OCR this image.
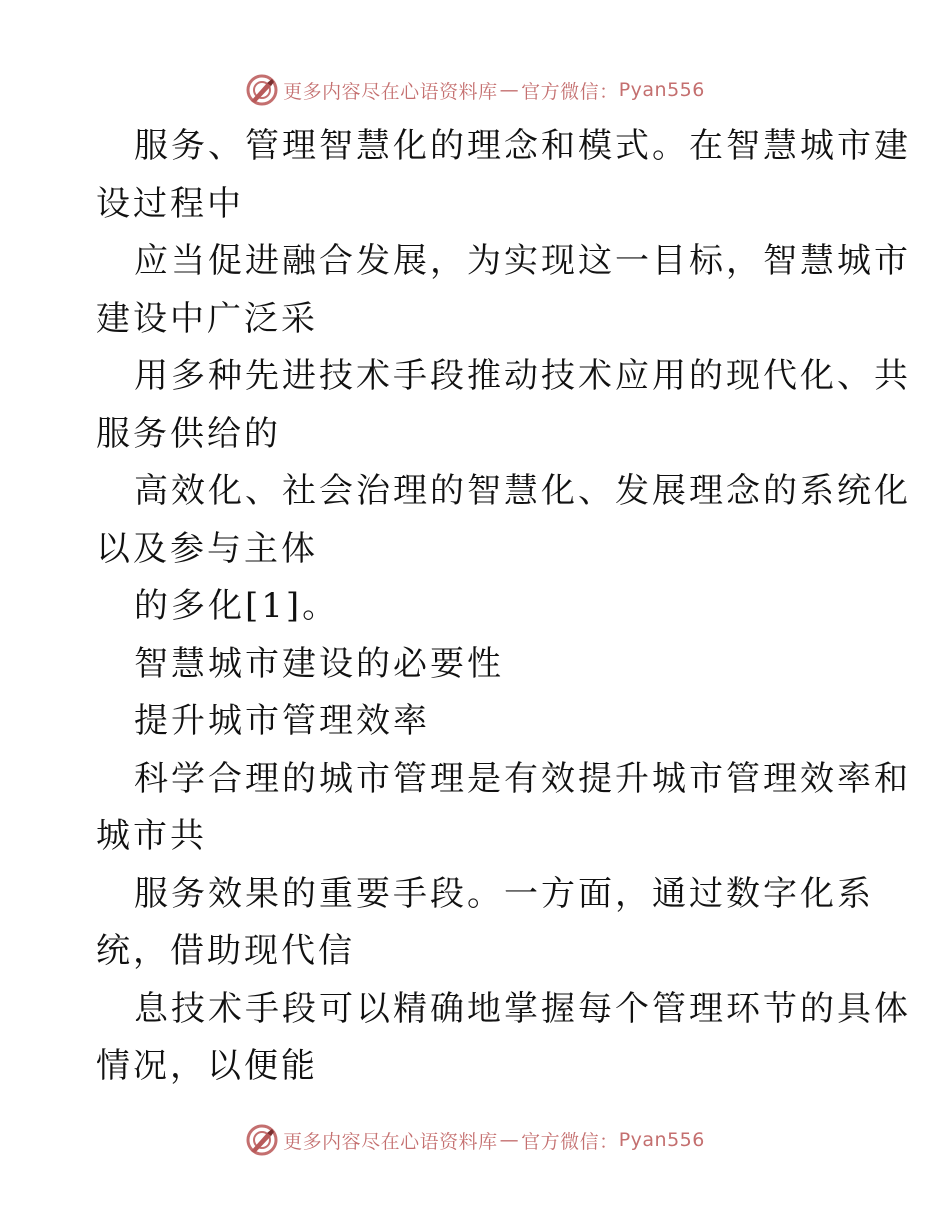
更多内容尽在心语资料库 — 官方微信： Pyan556
服务、管理智慧化的理念和模式。在智慧城市建
设过程中
应当促进融合发展，为实现这一目标，智慧城市
建设中广泛采
用多种先进技术手段推动技术应用的现代化、共
服务供给的
高效化、社会治理的智慧化、发展理念的系统化
以及参与主体
的多化[1]。
智慧城市建设的必要性
提升城市管理效率
科学合理的城市管理是有效提升城市管理效率和
城市共
服务效果的重要手段。一方面，通过数字化系
统，借助现代信
息技术手段可以精确地掌握每个管理环节的具体
情况，以便能
更多内容尽在心语资料库 — 官方微信： Pyan556
